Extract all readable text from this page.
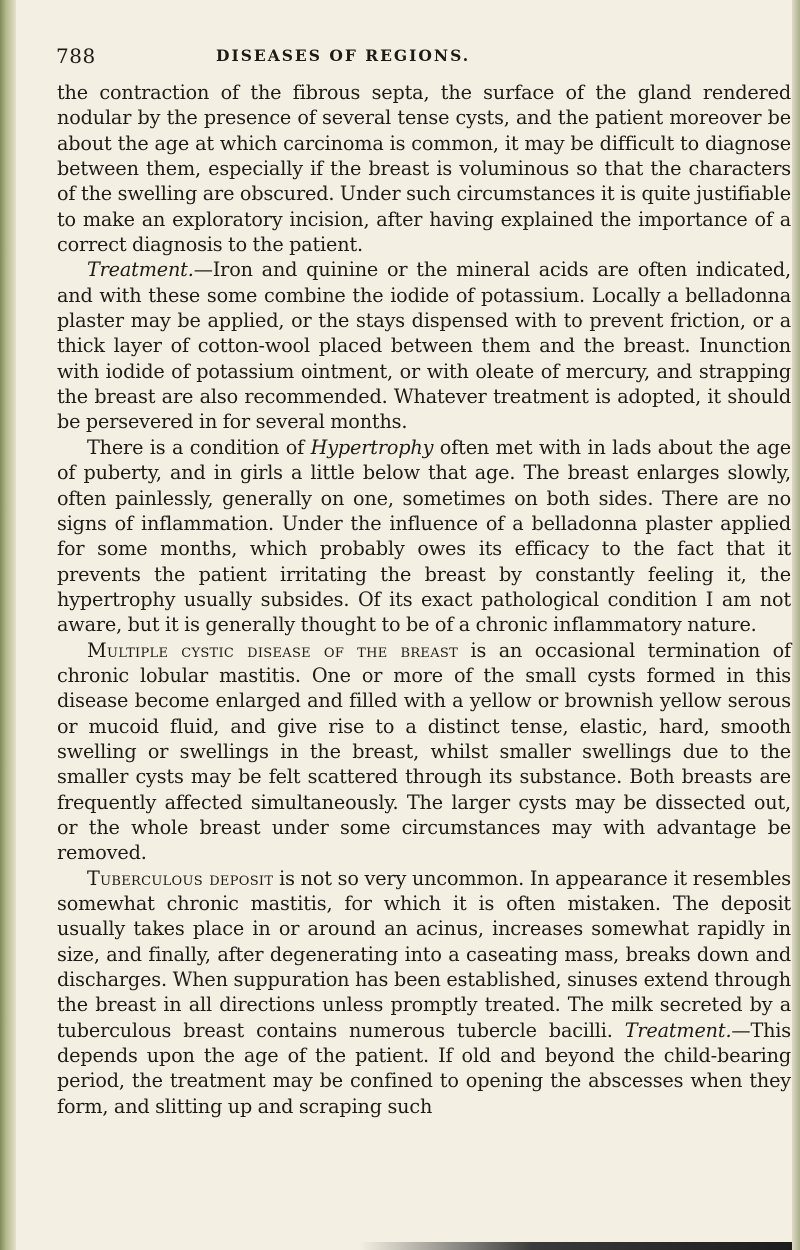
788	DISEASES OF REGIONS.

the contraction of the fibrous septa, the surface of the gland rendered nodular by the presence of several tense cysts, and the patient moreover be about the age at which carcinoma is common, it may be difficult to diagnose between them, especially if the breast is voluminous so that the characters of the swelling are obscured. Under such circumstances it is quite justifiable to make an exploratory incision, after having explained the importance of a correct diagnosis to the patient.

Treatment.—Iron and quinine or the mineral acids are often indicated, and with these some combine the iodide of potassium. Locally a belladonna plaster may be applied, or the stays dispensed with to prevent friction, or a thick layer of cotton-wool placed between them and the breast. Inunction with iodide of potassium ointment, or with oleate of mercury, and strapping the breast are also recommended. Whatever treatment is adopted, it should be persevered in for several months.

There is a condition of Hypertrophy often met with in lads about the age of puberty, and in girls a little below that age. The breast enlarges slowly, often painlessly, generally on one, sometimes on both sides. There are no signs of inflammation. Under the influence of a belladonna plaster applied for some months, which probably owes its efficacy to the fact that it prevents the patient irritating the breast by constantly feeling it, the hypertrophy usually subsides. Of its exact pathological condition I am not aware, but it is generally thought to be of a chronic inflammatory nature.

Multiple cystic disease of the breast is an occasional termination of chronic lobular mastitis. One or more of the small cysts formed in this disease become enlarged and filled with a yellow or brownish yellow serous or mucoid fluid, and give rise to a distinct tense, elastic, hard, smooth swelling or swellings in the breast, whilst smaller swellings due to the smaller cysts may be felt scattered through its substance. Both breasts are frequently affected simultaneously. The larger cysts may be dissected out, or the whole breast under some circumstances may with advantage be removed.

Tuberculous deposit is not so very uncommon. In appearance it resembles somewhat chronic mastitis, for which it is often mistaken. The deposit usually takes place in or around an acinus, increases somewhat rapidly in size, and finally, after degenerating into a caseating mass, breaks down and discharges. When suppuration has been established, sinuses extend through the breast in all directions unless promptly treated. The milk secreted by a tuberculous breast contains numerous tubercle bacilli. Treatment.—This depends upon the age of the patient. If old and beyond the child-bearing period, the treatment may be confined to opening the abscesses when they form, and slitting up and scraping such
